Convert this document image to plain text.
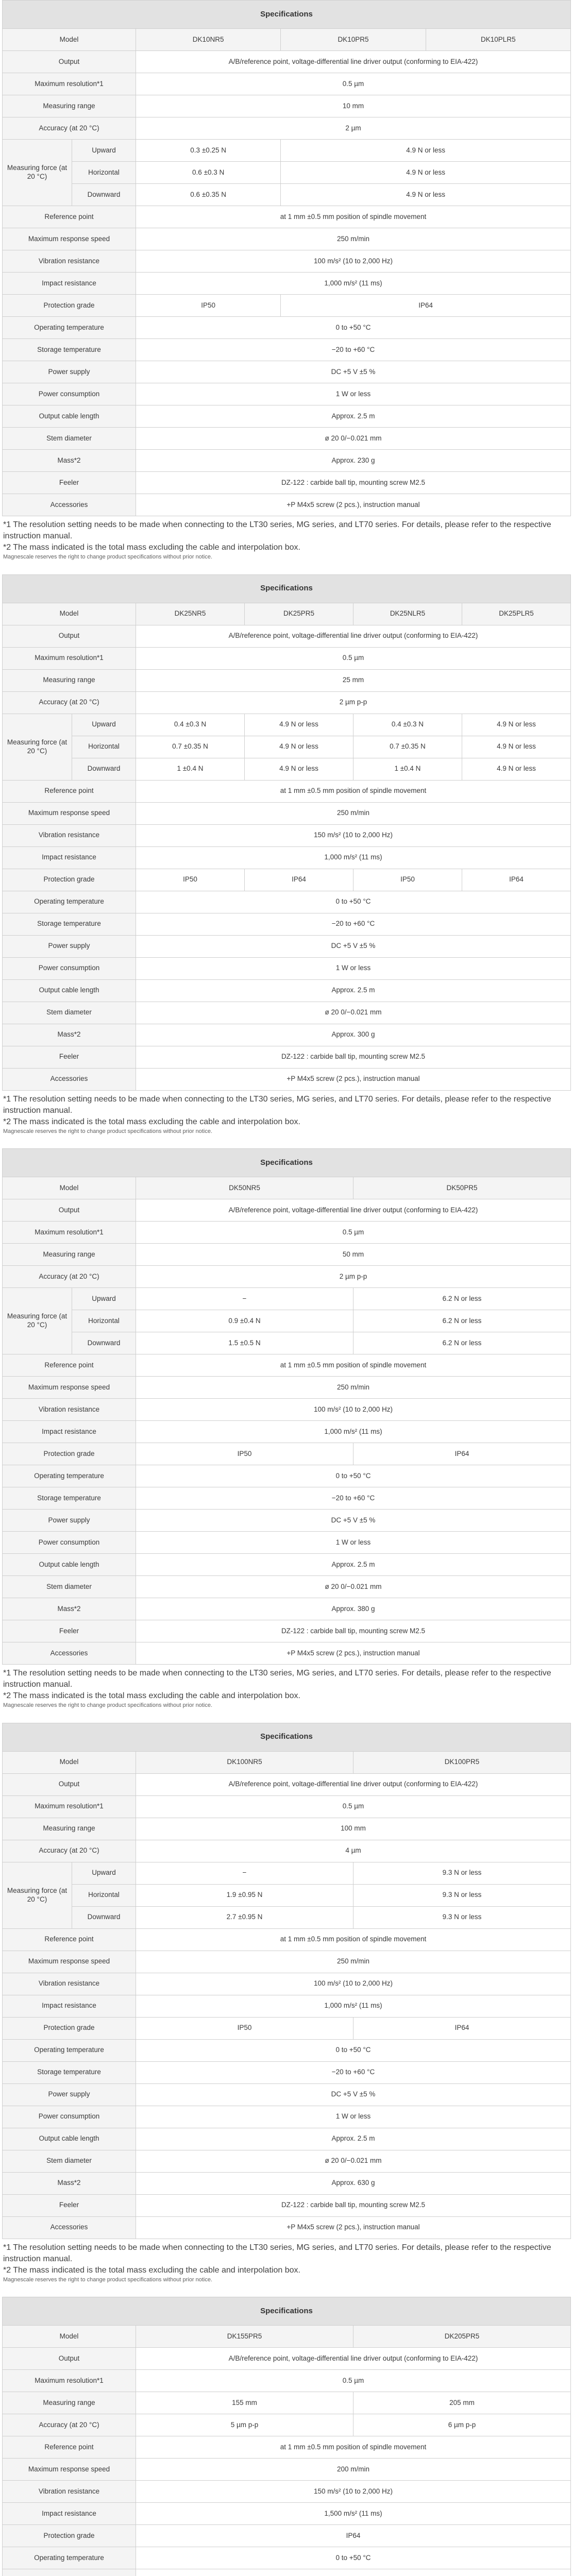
Specifications				
Model		DK10NR5	DK10PR5	DK10PLR5
Output		A/B/reference point, voltage-differential line driver output (conforming to EIA-422)		
Maximum resolution*1		0.5 µm		
Measuring range		10 mm		
Accuracy (at 20 °C)		2 µm		
Measuring force (at 20 °C)	Upward	0.3 ±0.25 N	4.9 N or less	
	Horizontal	0.6 ±0.3 N	4.9 N or less	
	Downward	0.6 ±0.35 N	4.9 N or less	
Reference point		at 1 mm ±0.5 mm position of spindle movement		
Maximum response speed		250 m/min		
Vibration resistance		100 m/s² (10 to 2,000 Hz)		
Impact resistance		1,000 m/s² (11 ms)		
Protection grade		IP50	IP64	
Operating temperature		0 to +50 °C		
Storage temperature		−20 to +60 °C		
Power supply		DC +5 V ±5 %		
Power consumption		1 W or less		
Output cable length		Approx. 2.5 m		
Stem diameter		ø 20 0/−0.021 mm		
Mass*2		Approx. 230 g		
Feeler		DZ-122 : carbide ball tip, mounting screw M2.5		
Accessories		+P M4x5 screw (2 pcs.), instruction manual		
*1 The resolution setting needs to be made when connecting to the LT30 series, MG series, and LT70 series. For details, please refer to the respective instruction manual.
*2 The mass indicated is the total mass excluding the cable and interpolation box.
Magnescale reserves the right to change product specifications without prior notice.
Specifications					
Model		DK25NR5	DK25PR5	DK25NLR5	DK25PLR5
Output		A/B/reference point, voltage-differential line driver output (conforming to EIA-422)			
Maximum resolution*1		0.5 µm			
Measuring range		25 mm			
Accuracy (at 20 °C)		2 µm p-p			
Measuring force (at 20 °C)	Upward	0.4 ±0.3 N	4.9 N or less	0.4 ±0.3 N	4.9 N or less
	Horizontal	0.7 ±0.35 N	4.9 N or less	0.7 ±0.35 N	4.9 N or less
	Downward	1 ±0.4 N	4.9 N or less	1 ±0.4 N	4.9 N or less
Reference point		at 1 mm ±0.5 mm position of spindle movement			
Maximum response speed		250 m/min			
Vibration resistance		150 m/s² (10 to 2,000 Hz)			
Impact resistance		1,000 m/s² (11 ms)			
Protection grade		IP50	IP64	IP50	IP64
Operating temperature		0 to +50 °C			
Storage temperature		−20 to +60 °C			
Power supply		DC +5 V ±5 %			
Power consumption		1 W or less			
Output cable length		Approx. 2.5 m			
Stem diameter		ø 20 0/−0.021 mm			
Mass*2		Approx. 300 g			
Feeler		DZ-122 : carbide ball tip, mounting screw M2.5			
Accessories		+P M4x5 screw (2 pcs.), instruction manual			
*1 The resolution setting needs to be made when connecting to the LT30 series, MG series, and LT70 series. For details, please refer to the respective instruction manual.
*2 The mass indicated is the total mass excluding the cable and interpolation box.
Magnescale reserves the right to change product specifications without prior notice.
Specifications			
Model		DK50NR5	DK50PR5
Output		A/B/reference point, voltage-differential line driver output (conforming to EIA-422)	
Maximum resolution*1		0.5 µm	
Measuring range		50 mm	
Accuracy (at 20 °C)		2 µm p-p	
Measuring force (at 20 °C)	Upward	−	6.2 N or less
	Horizontal	0.9 ±0.4 N	6.2 N or less
	Downward	1.5 ±0.5 N	6.2 N or less
Reference point		at 1 mm ±0.5 mm position of spindle movement	
Maximum response speed		250 m/min	
Vibration resistance		100 m/s² (10 to 2,000 Hz)	
Impact resistance		1,000 m/s² (11 ms)	
Protection grade		IP50	IP64
Operating temperature		0 to +50 °C	
Storage temperature		−20 to +60 °C	
Power supply		DC +5 V ±5 %	
Power consumption		1 W or less	
Output cable length		Approx. 2.5 m	
Stem diameter		ø 20 0/−0.021 mm	
Mass*2		Approx. 380 g	
Feeler		DZ-122 : carbide ball tip, mounting screw M2.5	
Accessories		+P M4x5 screw (2 pcs.), instruction manual	
*1 The resolution setting needs to be made when connecting to the LT30 series, MG series, and LT70 series. For details, please refer to the respective instruction manual.
*2 The mass indicated is the total mass excluding the cable and interpolation box.
Magnescale reserves the right to change product specifications without prior notice.
Specifications			
Model		DK100NR5	DK100PR5
Output		A/B/reference point, voltage-differential line driver output (conforming to EIA-422)	
Maximum resolution*1		0.5 µm	
Measuring range		100 mm	
Accuracy (at 20 °C)		4 µm	
Measuring force (at 20 °C)	Upward	−	9.3 N or less
	Horizontal	1.9 ±0.95 N	9.3 N or less
	Downward	2.7 ±0.95 N	9.3 N or less
Reference point		at 1 mm ±0.5 mm position of spindle movement	
Maximum response speed		250 m/min	
Vibration resistance		100 m/s² (10 to 2,000 Hz)	
Impact resistance		1,000 m/s² (11 ms)	
Protection grade		IP50	IP64
Operating temperature		0 to +50 °C	
Storage temperature		−20 to +60 °C	
Power supply		DC +5 V ±5 %	
Power consumption		1 W or less	
Output cable length		Approx. 2.5 m	
Stem diameter		ø 20 0/−0.021 mm	
Mass*2		Approx. 630 g	
Feeler		DZ-122 : carbide ball tip, mounting screw M2.5	
Accessories		+P M4x5 screw (2 pcs.), instruction manual	
*1 The resolution setting needs to be made when connecting to the LT30 series, MG series, and LT70 series. For details, please refer to the respective instruction manual.
*2 The mass indicated is the total mass excluding the cable and interpolation box.
Magnescale reserves the right to change product specifications without prior notice.
Specifications		
Model	DK155PR5	DK205PR5
Output	A/B/reference point, voltage-differential line driver output (conforming to EIA-422)	
Maximum resolution*1	0.5 µm	
Measuring range	155 mm	205 mm
Accuracy (at 20 °C)	5 µm p-p	6 µm p-p
Reference point	at 1 mm ±0.5 mm position of spindle movement	
Maximum response speed	200 m/min	
Vibration resistance	150 m/s² (10 to 2,000 Hz)	
Impact resistance	1,500 m/s² (11 ms)	
Protection grade	IP64	
Operating temperature	0 to +50 °C	
